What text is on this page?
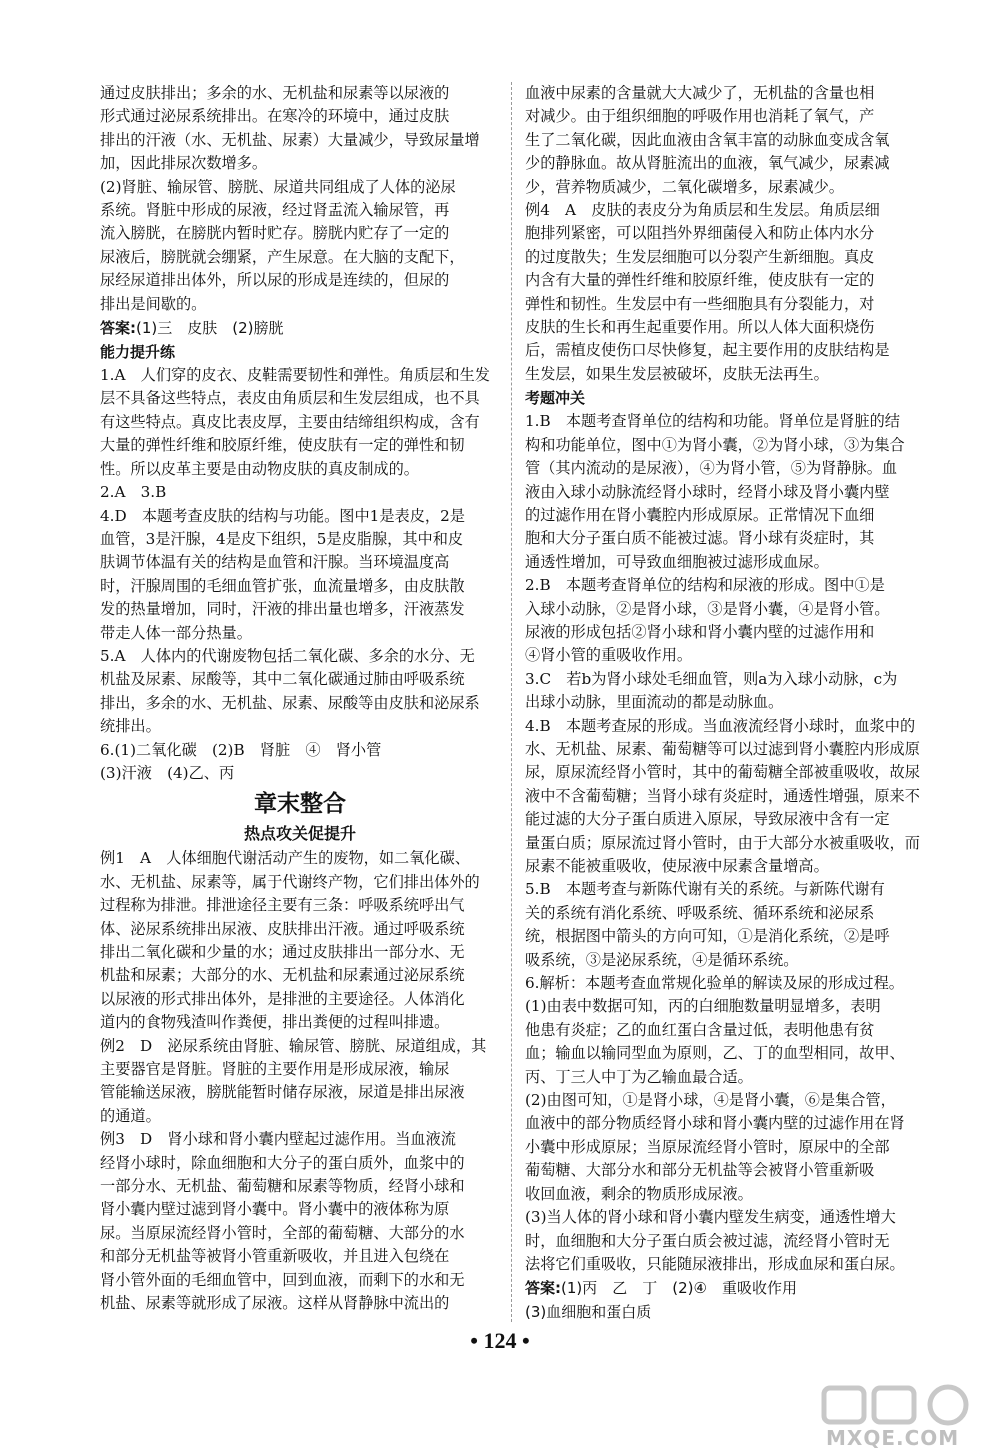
通过皮肤排出；多余的水、无机盐和尿素等以尿液的
形式通过泌尿系统排出。在寒冷的环境中，通过皮肤
排出的汗液（水、无机盐、尿素）大量减少，导致尿量增
加，因此排尿次数增多。
(2)肾脏、输尿管、膀胱、尿道共同组成了人体的泌尿
系统。肾脏中形成的尿液，经过肾盂流入输尿管，再
流入膀胱，在膀胱内暂时贮存。膀胱内贮存了一定的
尿液后，膀胱就会绷紧，产生尿意。在大脑的支配下，
尿经尿道排出体外，所以尿的形成是连续的，但尿的
排出是间歇的。
答案:(1)三　皮肤　(2)膀胱
能力提升练
1.A　人们穿的皮衣、皮鞋需要韧性和弹性。角质层和生发
层不具备这些特点，表皮由角质层和生发层组成，也不具
有这些特点。真皮比表皮厚，主要由结缔组织构成，含有
大量的弹性纤维和胶原纤维，使皮肤有一定的弹性和韧
性。所以皮革主要是由动物皮肤的真皮制成的。
2.A　3.B
4.D　本题考查皮肤的结构与功能。图中1是表皮，2是
血管，3是汗腺，4是皮下组织，5是皮脂腺，其中和皮
肤调节体温有关的结构是血管和汗腺。当环境温度高
时，汗腺周围的毛细血管扩张，血流量增多，由皮肤散
发的热量增加，同时，汗液的排出量也增多，汗液蒸发
带走人体一部分热量。
5.A　人体内的代谢废物包括二氧化碳、多余的水分、无
机盐及尿素、尿酸等，其中二氧化碳通过肺由呼吸系统
排出，多余的水、无机盐、尿素、尿酸等由皮肤和泌尿系
统排出。
6.(1)二氧化碳　(2)B　肾脏　④　肾小管
(3)汗液　(4)乙、丙
章末整合
热点攻关促提升
例1　A　人体细胞代谢活动产生的废物，如二氧化碳、
水、无机盐、尿素等，属于代谢终产物，它们排出体外的
过程称为排泄。排泄途径主要有三条：呼吸系统呼出气
体、泌尿系统排出尿液、皮肤排出汗液。通过呼吸系统
排出二氧化碳和少量的水；通过皮肤排出一部分水、无
机盐和尿素；大部分的水、无机盐和尿素通过泌尿系统
以尿液的形式排出体外，是排泄的主要途径。人体消化
道内的食物残渣叫作粪便，排出粪便的过程叫排遗。
例2　D　泌尿系统由肾脏、输尿管、膀胱、尿道组成，其
主要器官是肾脏。肾脏的主要作用是形成尿液，输尿
管能输送尿液，膀胱能暂时储存尿液，尿道是排出尿液
的通道。
例3　D　肾小球和肾小囊内壁起过滤作用。当血液流
经肾小球时，除血细胞和大分子的蛋白质外，血浆中的
一部分水、无机盐、葡萄糖和尿素等物质，经肾小球和
肾小囊内壁过滤到肾小囊中。肾小囊中的液体称为原
尿。当原尿流经肾小管时，全部的葡萄糖、大部分的水
和部分无机盐等被肾小管重新吸收，并且进入包绕在
肾小管外面的毛细血管中，回到血液，而剩下的水和无
机盐、尿素等就形成了尿液。这样从肾静脉中流出的
血液中尿素的含量就大大减少了，无机盐的含量也相
对减少。由于组织细胞的呼吸作用也消耗了氧气，产
生了二氧化碳，因此血液由含氧丰富的动脉血变成含氧
少的静脉血。故从肾脏流出的血液，氧气减少，尿素减
少，营养物质减少，二氧化碳增多，尿素减少。
例4　A　皮肤的表皮分为角质层和生发层。角质层细
胞排列紧密，可以阻挡外界细菌侵入和防止体内水分
的过度散失；生发层细胞可以分裂产生新细胞。真皮
内含有大量的弹性纤维和胶原纤维，使皮肤有一定的
弹性和韧性。生发层中有一些细胞具有分裂能力，对
皮肤的生长和再生起重要作用。所以人体大面积烧伤
后，需植皮使伤口尽快修复，起主要作用的皮肤结构是
生发层，如果生发层被破坏，皮肤无法再生。
考题冲关
1.B　本题考查肾单位的结构和功能。肾单位是肾脏的结
构和功能单位，图中①为肾小囊，②为肾小球，③为集合
管（其内流动的是尿液），④为肾小管，⑤为肾静脉。血
液由入球小动脉流经肾小球时，经肾小球及肾小囊内壁
的过滤作用在肾小囊腔内形成原尿。正常情况下血细
胞和大分子蛋白质不能被过滤。肾小球有炎症时，其
通透性增加，可导致血细胞被过滤形成血尿。
2.B　本题考查肾单位的结构和尿液的形成。图中①是
入球小动脉，②是肾小球，③是肾小囊，④是肾小管。
尿液的形成包括②肾小球和肾小囊内壁的过滤作用和
④肾小管的重吸收作用。
3.C　若b为肾小球处毛细血管，则a为入球小动脉，c为
出球小动脉，里面流动的都是动脉血。
4.B　本题考查尿的形成。当血液流经肾小球时，血浆中的
水、无机盐、尿素、葡萄糖等可以过滤到肾小囊腔内形成原
尿，原尿流经肾小管时，其中的葡萄糖全部被重吸收，故尿
液中不含葡萄糖；当肾小球有炎症时，通透性增强，原来不
能过滤的大分子蛋白质进入原尿，导致尿液中含有一定
量蛋白质；原尿流过肾小管时，由于大部分水被重吸收，而
尿素不能被重吸收，使尿液中尿素含量增高。
5.B　本题考查与新陈代谢有关的系统。与新陈代谢有
关的系统有消化系统、呼吸系统、循环系统和泌尿系
统，根据图中箭头的方向可知，①是消化系统，②是呼
吸系统，③是泌尿系统，④是循环系统。
6.解析：本题考查血常规化验单的解读及尿的形成过程。
(1)由表中数据可知，丙的白细胞数量明显增多，表明
他患有炎症；乙的血红蛋白含量过低，表明他患有贫
血；输血以输同型血为原则，乙、丁的血型相同，故甲、
丙、丁三人中丁为乙输血最合适。
(2)由图可知，①是肾小球，④是肾小囊，⑥是集合管，
血液中的部分物质经肾小球和肾小囊内壁的过滤作用在肾
小囊中形成原尿；当原尿流经肾小管时，原尿中的全部
葡萄糖、大部分水和部分无机盐等会被肾小管重新吸
收回血液，剩余的物质形成尿液。
(3)当人体的肾小球和肾小囊内壁发生病变，通透性增大
时，血细胞和大分子蛋白质会被过滤，流经肾小管时无
法将它们重吸收，只能随尿液排出，形成血尿和蛋白尿。
答案:(1)丙　乙　丁　(2)④　重吸收作用
(3)血细胞和蛋白质
• 124 •
MXQE.COM
